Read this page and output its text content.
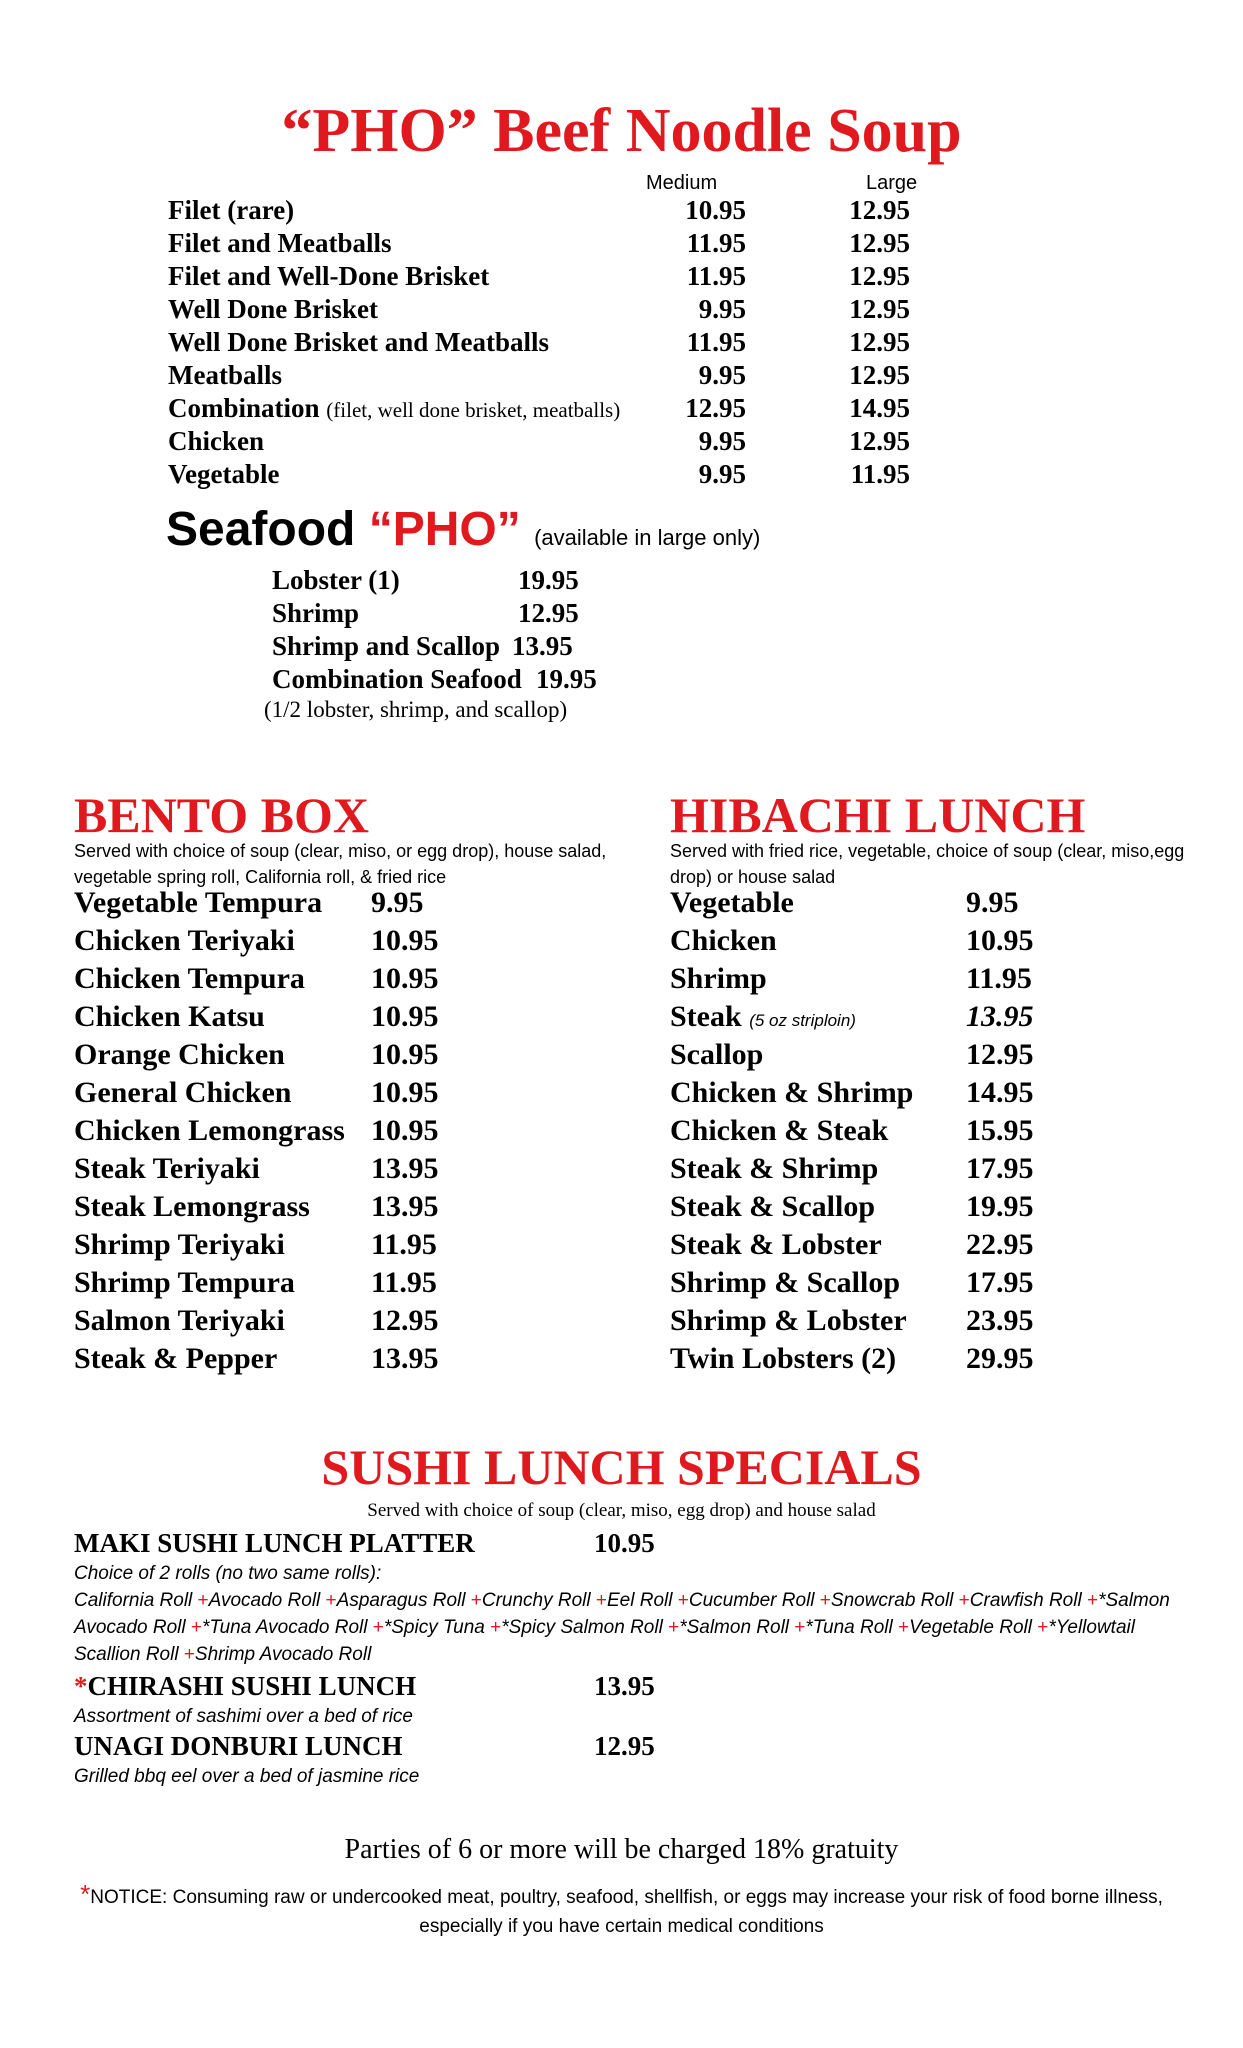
“PHO” Beef Noodle Soup
Medium	Large
Filet (rare)	10.95	12.95
Filet and Meatballs	11.95	12.95
Filet and Well-Done Brisket	11.95	12.95
Well Done Brisket	9.95	12.95
Well Done Brisket and Meatballs	11.95	12.95
Meatballs	9.95	12.95
Combination (filet, well done brisket, meatballs)	12.95	14.95
Chicken	9.95	12.95
Vegetable	9.95	11.95
Seafood “PHO” (available in large only)
Lobster (1)	19.95
Shrimp	12.95
Shrimp and Scallop 13.95
Combination Seafood 19.95
(1/2 lobster, shrimp, and scallop)
BENTO BOX
Served with choice of soup (clear, miso, or egg drop), house salad, vegetable spring roll, California roll, & fried rice
Vegetable Tempura 9.95
Chicken Teriyaki	10.95
Chicken Tempura 10.95
Chicken Katsu	10.95
Orange Chicken	10.95
General Chicken	10.95
Chicken Lemongrass 10.95
Steak Teriyaki	13.95
Steak Lemongrass 13.95
Shrimp Teriyaki	11.95
Shrimp Tempura	11.95
Salmon Teriyaki	12.95
Steak & Pepper	13.95
HIBACHI LUNCH
Served with fried rice, vegetable, choice of soup (clear, miso,egg drop) or house salad
Vegetable	9.95
Chicken	10.95
Shrimp	11.95
Steak (5 oz striploin)	13.95
Scallop	12.95
Chicken & Shrimp 14.95
Chicken & Steak	15.95
Steak & Shrimp	17.95
Steak & Scallop	19.95
Steak & Lobster	22.95
Shrimp & Scallop 17.95
Shrimp & Lobster 23.95
Twin Lobsters (2) 29.95
SUSHI LUNCH SPECIALS
Served with choice of soup (clear, miso, egg drop) and house salad
MAKI SUSHI LUNCH PLATTER	10.95
Choice of 2 rolls (no two same rolls):
California Roll +Avocado Roll +Asparagus Roll +Crunchy Roll +Eel Roll +Cucumber Roll +Snowcrab Roll +Crawfish Roll +*Salmon Avocado Roll +*Tuna Avocado Roll +*Spicy Tuna +*Spicy Salmon Roll +*Salmon Roll +*Tuna Roll +Vegetable Roll +*Yellowtail Scallion Roll +Shrimp Avocado Roll
*CHIRASHI SUSHI LUNCH	13.95
Assortment of sashimi over a bed of rice
UNAGI DONBURI LUNCH	12.95
Grilled bbq eel over a bed of jasmine rice
Parties of 6 or more will be charged 18% gratuity
*NOTICE: Consuming raw or undercooked meat, poultry, seafood, shellfish, or eggs may increase your risk of food borne illness, especially if you have certain medical conditions
